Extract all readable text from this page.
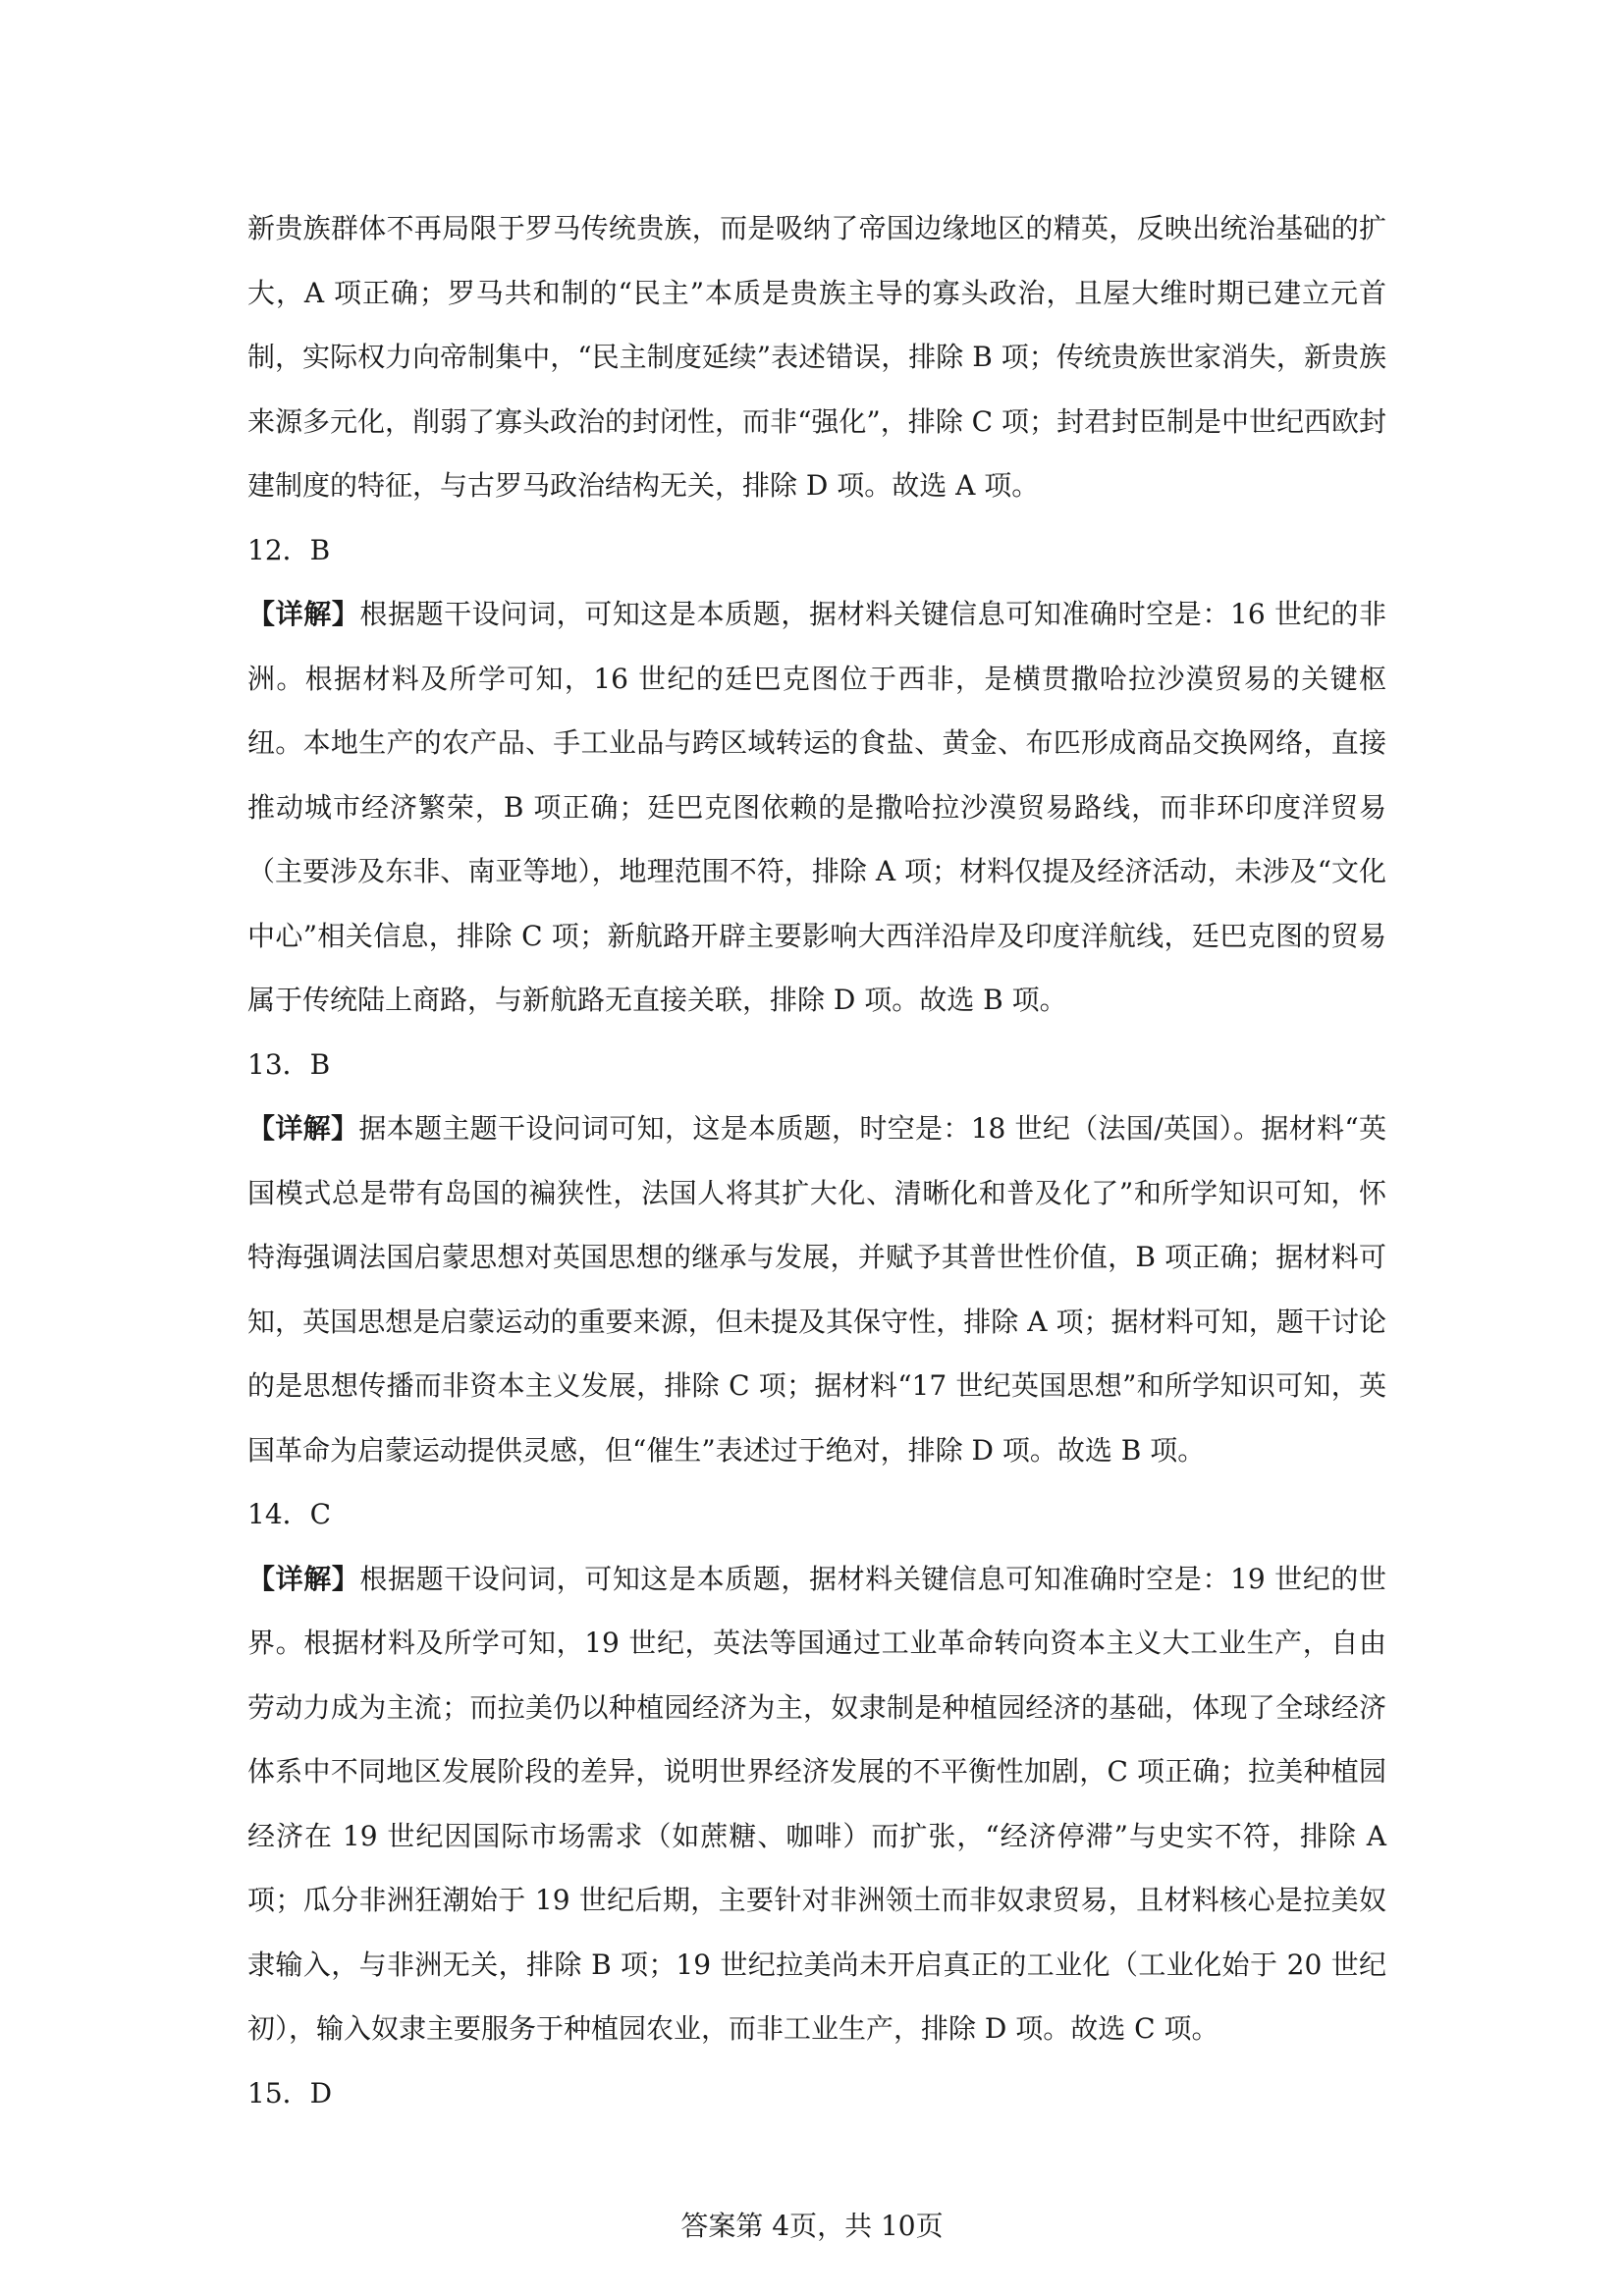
新贵族群体不再局限于罗马传统贵族，而是吸纳了帝国边缘地区的精英，反映出统治基础的扩大，A 项正确；罗马共和制的“民主”本质是贵族主导的寡头政治，且屋大维时期已建立元首制，实际权力向帝制集中，“民主制度延续”表述错误，排除 B 项；传统贵族世家消失，新贵族来源多元化，削弱了寡头政治的封闭性，而非“强化”，排除 C 项；封君封臣制是中世纪西欧封建制度的特征，与古罗马政治结构无关，排除 D 项。故选 A 项。

12．B

【详解】根据题干设问词，可知这是本质题，据材料关键信息可知准确时空是：16 世纪的非洲。根据材料及所学可知，16 世纪的廷巴克图位于西非，是横贯撒哈拉沙漠贸易的关键枢纽。本地生产的农产品、手工业品与跨区域转运的食盐、黄金、布匹形成商品交换网络，直接推动城市经济繁荣，B 项正确；廷巴克图依赖的是撒哈拉沙漠贸易路线，而非环印度洋贸易（主要涉及东非、南亚等地），地理范围不符，排除 A 项；材料仅提及经济活动，未涉及“文化中心”相关信息，排除 C 项；新航路开辟主要影响大西洋沿岸及印度洋航线，廷巴克图的贸易属于传统陆上商路，与新航路无直接关联，排除 D 项。故选 B 项。

13．B

【详解】据本题主题干设问词可知，这是本质题，时空是：18 世纪（法国/英国）。据材料“英国模式总是带有岛国的褊狭性，法国人将其扩大化、清晰化和普及化了”和所学知识可知，怀特海强调法国启蒙思想对英国思想的继承与发展，并赋予其普世性价值，B 项正确；据材料可知，英国思想是启蒙运动的重要来源，但未提及其保守性，排除 A 项；据材料可知，题干讨论的是思想传播而非资本主义发展，排除 C 项；据材料“17 世纪英国思想”和所学知识可知，英国革命为启蒙运动提供灵感，但“催生”表述过于绝对，排除 D 项。故选 B 项。

14．C

【详解】根据题干设问词，可知这是本质题，据材料关键信息可知准确时空是：19 世纪的世界。根据材料及所学可知，19 世纪，英法等国通过工业革命转向资本主义大工业生产，自由劳动力成为主流；而拉美仍以种植园经济为主，奴隶制是种植园经济的基础，体现了全球经济体系中不同地区发展阶段的差异，说明世界经济发展的不平衡性加剧，C 项正确；拉美种植园经济在 19 世纪因国际市场需求（如蔗糖、咖啡）而扩张，“经济停滞”与史实不符，排除 A 项；瓜分非洲狂潮始于 19 世纪后期，主要针对非洲领土而非奴隶贸易，且材料核心是拉美奴隶输入，与非洲无关，排除 B 项；19 世纪拉美尚未开启真正的工业化（工业化始于 20 世纪初），输入奴隶主要服务于种植园农业，而非工业生产，排除 D 项。故选 C 项。

15．D

答案第 4页，共 10页
